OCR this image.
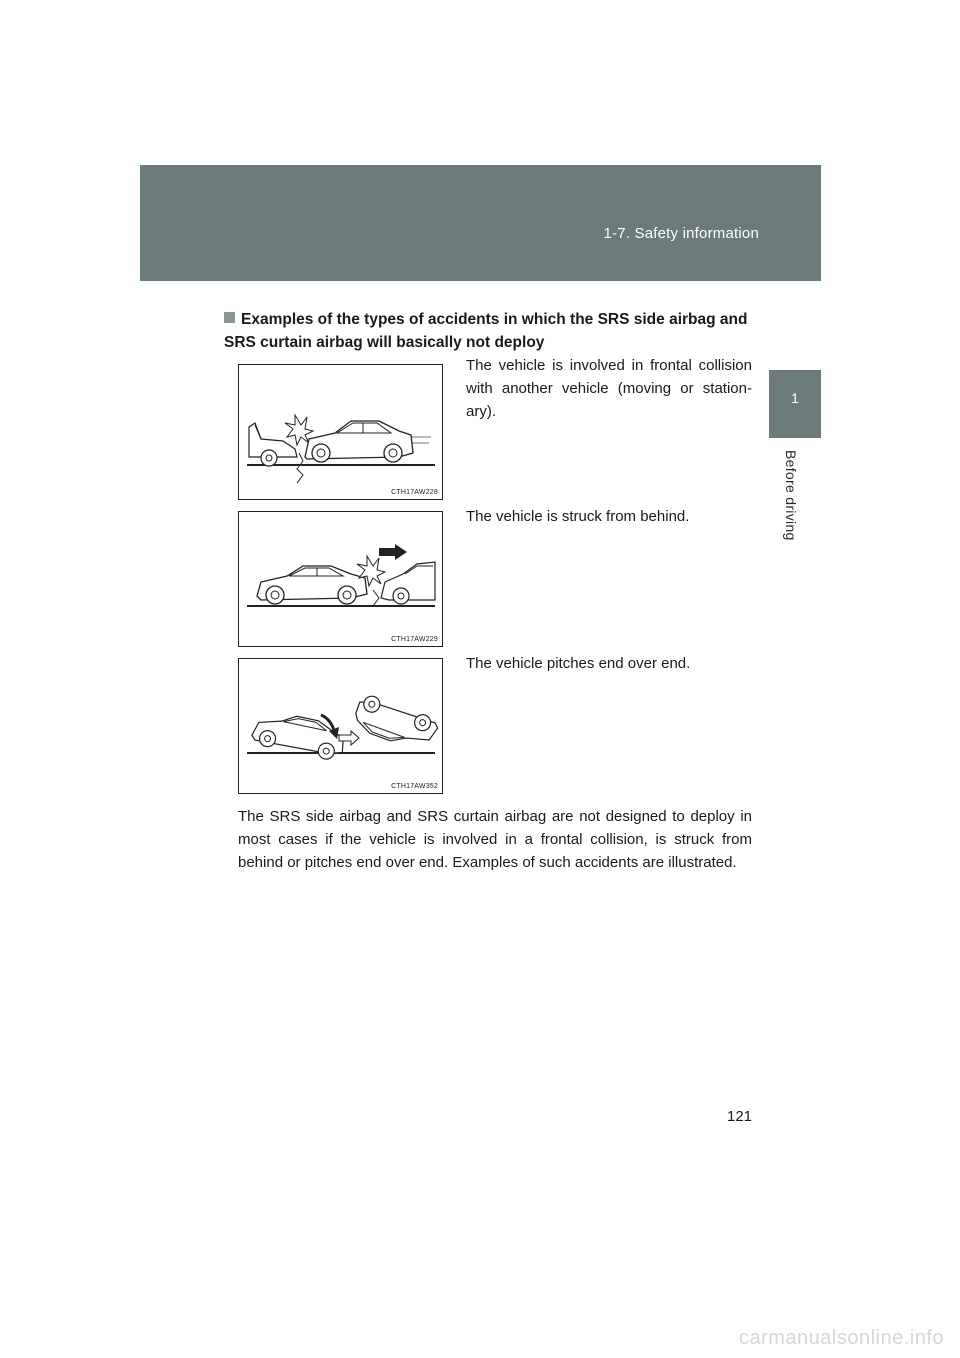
1-7. Safety information
1
Before driving
Examples of the types of accidents in which the SRS side airbag and SRS curtain airbag will basically not deploy
CTH17AW228
The vehicle is involved in frontal collision with another vehicle (moving or station-ary).
CTH17AW229
The vehicle is struck from behind.
CTH17AW352
The vehicle pitches end over end.
The SRS side airbag and SRS curtain airbag are not designed to deploy in most cases if the vehicle is involved in a frontal collision, is struck from behind or pitches end over end. Examples of such accidents are illustrated.
121
carmanualsonline.info
